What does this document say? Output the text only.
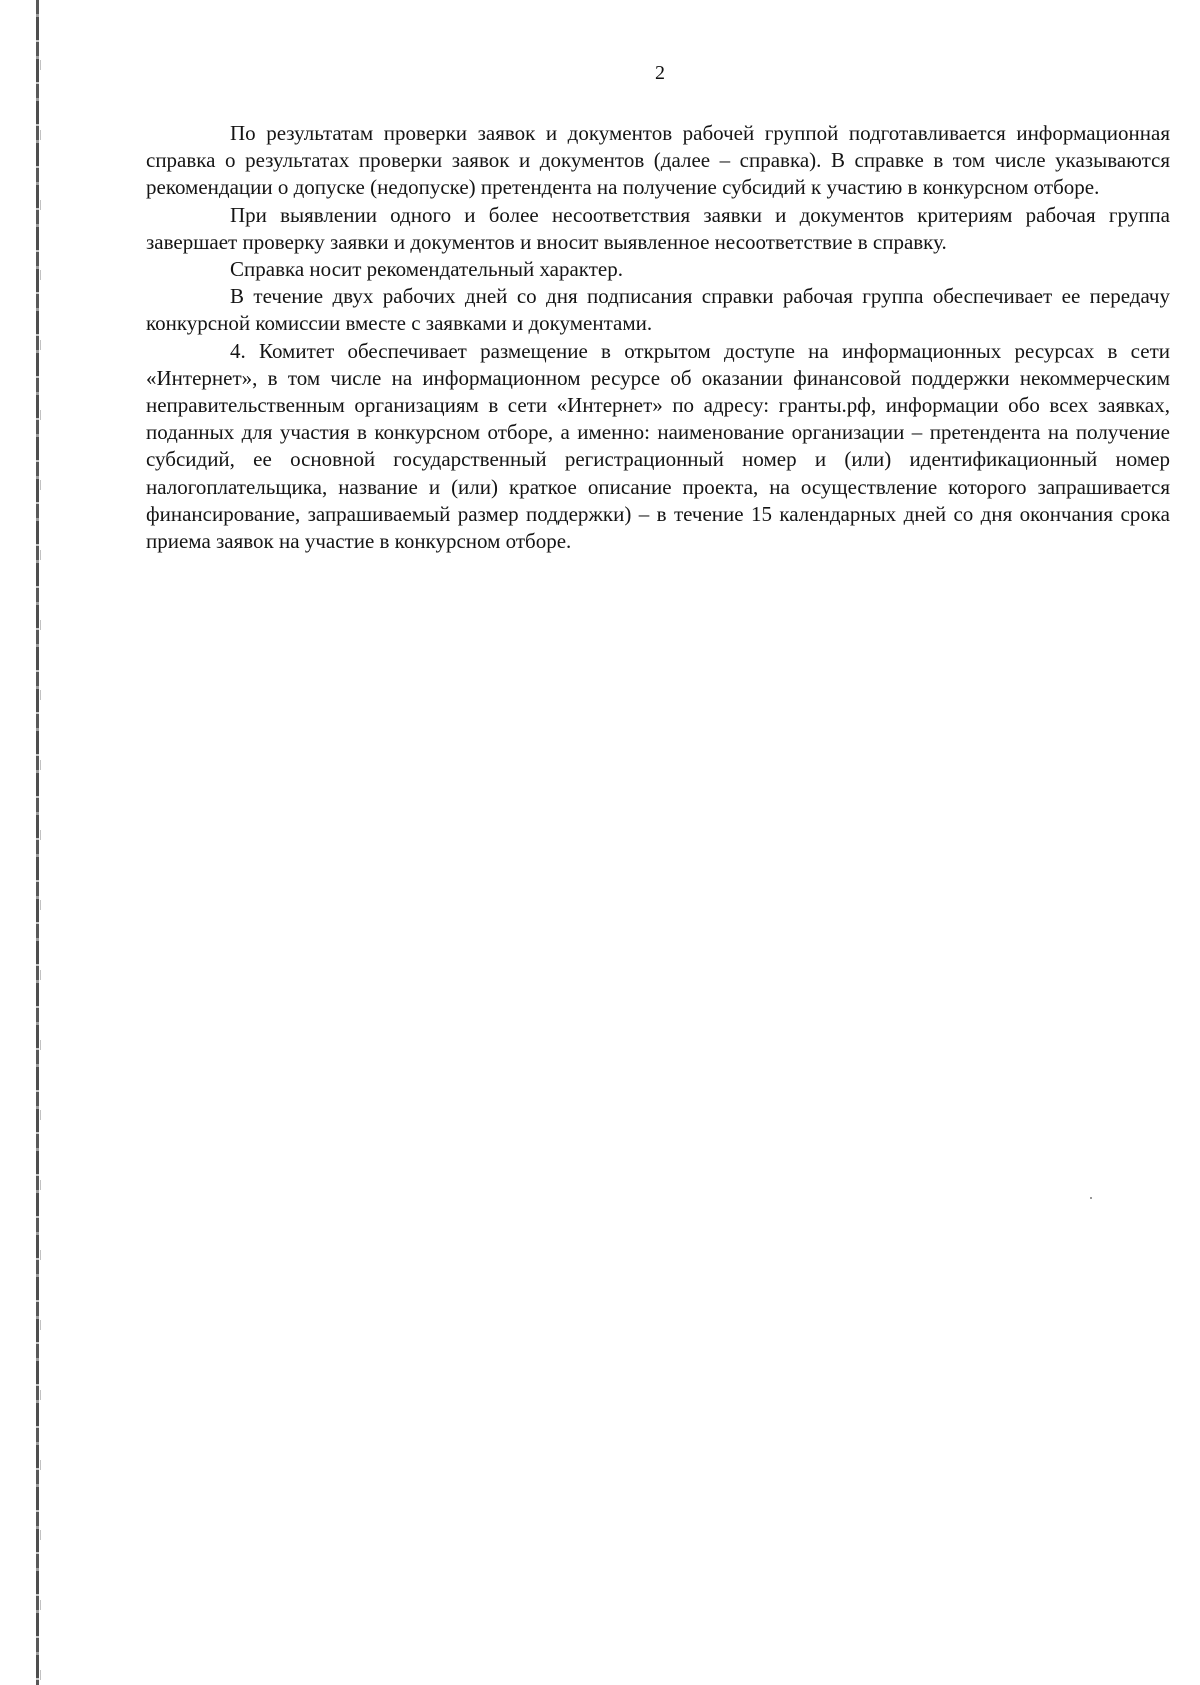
2

По результатам проверки заявок и документов рабочей группой подготавливается информационная справка о результатах проверки заявок и документов (далее – справка). В справке в том числе указываются рекомендации о допуске (недопуске) претендента на получение субсидий к участию в конкурсном отборе.

При выявлении одного и более несоответствия заявки и документов критериям рабочая группа завершает проверку заявки и документов и вносит выявленное несоответствие в справку.

Справка носит рекомендательный характер.

В течение двух рабочих дней со дня подписания справки рабочая группа обеспечивает ее передачу конкурсной комиссии вместе с заявками и документами.

4. Комитет обеспечивает размещение в открытом доступе на информационных ресурсах в сети «Интернет», в том числе на информационном ресурсе об оказании финансовой поддержки некоммерческим неправительственным организациям в сети «Интернет» по адресу: гранты.рф, информации обо всех заявках, поданных для участия в конкурсном отборе, а именно: наименование организации – претендента на получение субсидий, ее основной государственный регистрационный номер и (или) идентификационный номер налогоплательщика, название и (или) краткое описание проекта, на осуществление которого запрашивается финансирование, запрашиваемый размер поддержки) – в течение 15 календарных дней со дня окончания срока приема заявок на участие в конкурсном отборе.
